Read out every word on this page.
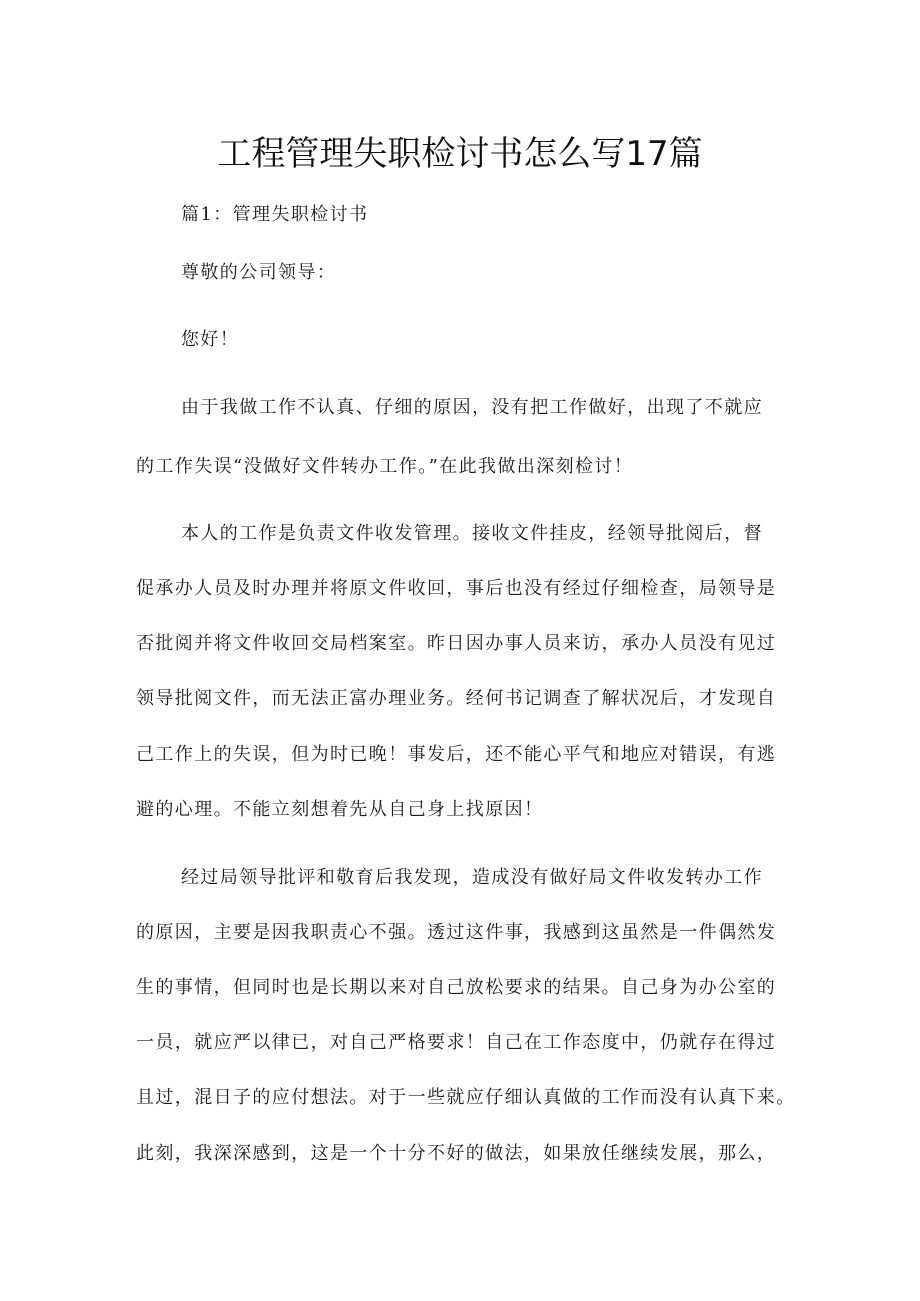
工程管理失职检讨书怎么写17篇

篇1：管理失职检讨书

尊敬的公司领导：

您好！

由于我做工作不认真、仔细的原因，没有把工作做好，出现了不就应

的工作失误“没做好文件转办工作。”在此我做出深刻检讨！

本人的工作是负责文件收发管理。接收文件挂皮，经领导批阅后，督

促承办人员及时办理并将原文件收回，事后也没有经过仔细检查，局领导是

否批阅并将文件收回交局档案室。昨日因办事人员来访，承办人员没有见过

领导批阅文件，而无法正富办理业务。经何书记调查了解状况后，才发现自

己工作上的失误，但为时已晚！事发后，还不能心平气和地应对错误，有逃

避的心理。不能立刻想着先从自己身上找原因！

经过局领导批评和敬育后我发现，造成没有做好局文件收发转办工作

的原因，主要是因我职责心不强。透过这件事，我感到这虽然是一件偶然发

生的事情，但同时也是长期以来对自己放松要求的结果。自己身为办公室的

一员，就应严以律已，对自己严格要求！自己在工作态度中，仍就存在得过

且过，混日子的应付想法。对于一些就应仔细认真做的工作而没有认真下来。

此刻，我深深感到，这是一个十分不好的做法，如果放任继续发展，那么，
